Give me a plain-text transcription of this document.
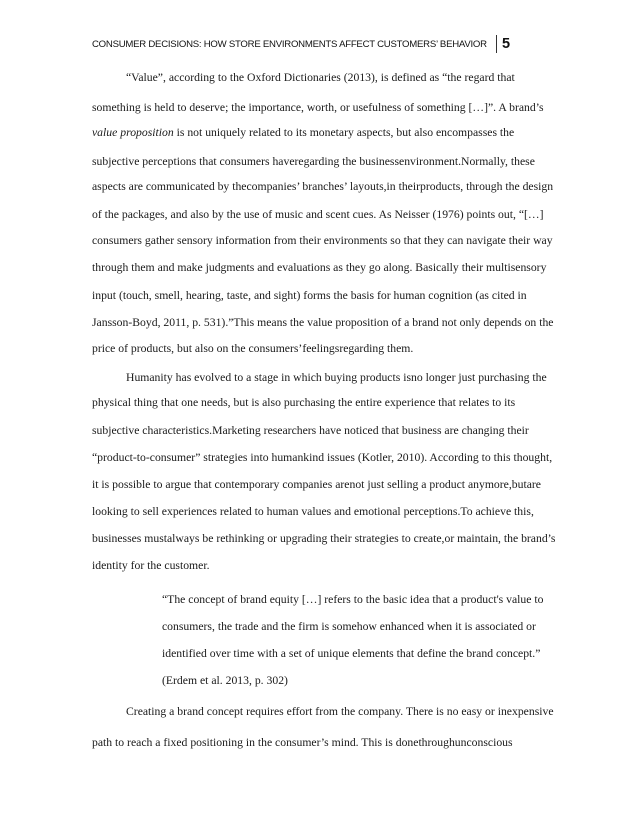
CONSUMER DECISIONS: HOW STORE ENVIRONMENTS AFFECT CUSTOMERS’ BEHAVIOR	5
“Value”, according to the Oxford Dictionaries (2013), is defined as “the regard that
something is held to deserve; the importance, worth, or usefulness of something […]”. A brand’s
value proposition is not uniquely related to its monetary aspects, but also encompasses the
subjective perceptions that consumers haveregarding the businessenvironment.Normally, these
aspects are communicated by thecompanies’ branches’ layouts,in theirproducts, through the design
of the packages, and also by the use of music and scent cues. As Neisser (1976) points out, “[…]
consumers gather sensory information from their environments so that they can navigate their way
through them and make judgments and evaluations as they go along. Basically their multisensory
input (touch, smell, hearing, taste, and sight) forms the basis for human cognition (as cited in
Jansson-Boyd, 2011, p. 531).”This means the value proposition of a brand not only depends on the
price of products, but also on the consumers’feelingsregarding them.
Humanity has evolved to a stage in which buying products isno longer just purchasing the
physical thing that one needs, but is also purchasing the entire experience that relates to its
subjective characteristics.Marketing researchers have noticed that business are changing their
“product-to-consumer” strategies into humankind issues (Kotler, 2010). According to this thought,
it is possible to argue that contemporary companies arenot just selling a product anymore,butare
looking to sell experiences related to human values and emotional perceptions.To achieve this,
businesses mustalways be rethinking or upgrading their strategies to create,or maintain, the brand’s
identity for the customer.
“The concept of brand equity […] refers to the basic idea that a product's value to
consumers, the trade and the firm is somehow enhanced when it is associated or
identified over time with a set of unique elements that define the brand concept.”
(Erdem et al. 2013, p. 302)
Creating a brand concept requires effort from the company. There is no easy or inexpensive
path to reach a fixed positioning in the consumer’s mind. This is donethroughunconscious
